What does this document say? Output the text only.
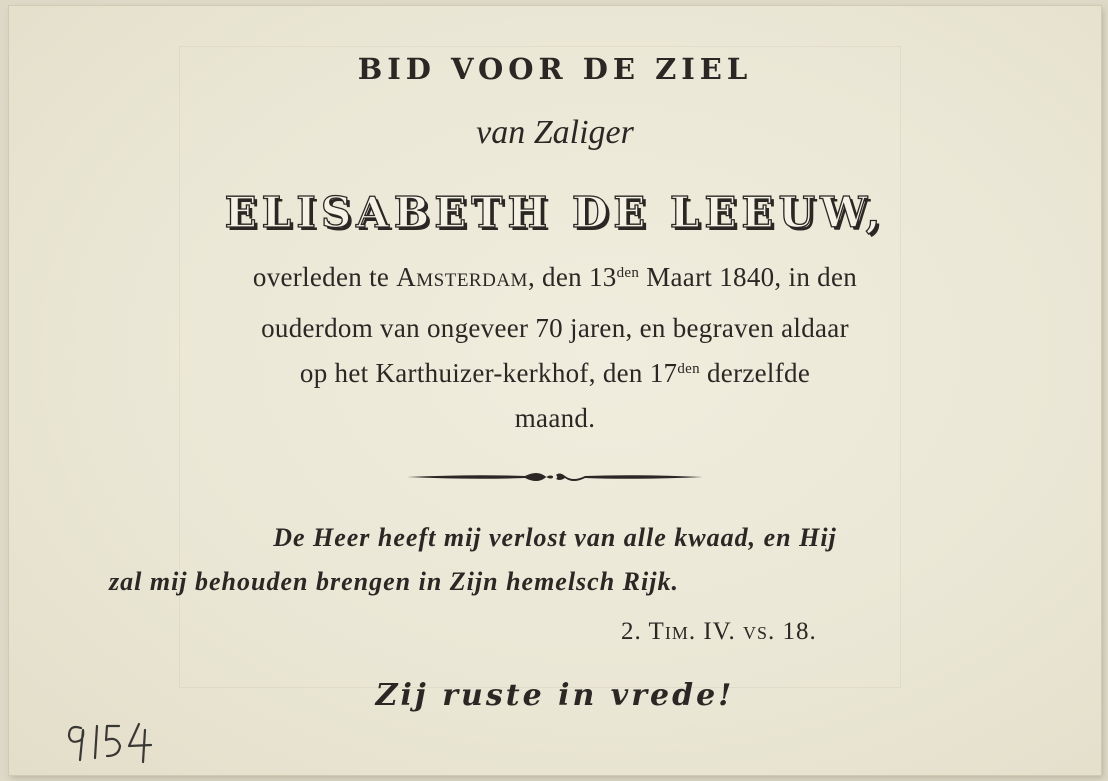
BID VOOR DE ZIEL
van Zaliger
ELISABETH DE LEEUW,
overleden te Amsterdam, den $13^{den}$ Maart 1840, in den
ouderdom van ongeveer 70 jaren, en begraven aldaar
op het Karthuizer-kerkhof, den $17^{den}$ derzelfde
maand.
De Heer heeft mij verlost van alle kwaad, en Hij
zal mij behouden brengen in Zijn hemelsch Rijk.
2. Tim. IV. vs. 18.
Zij ruste in vrede!
